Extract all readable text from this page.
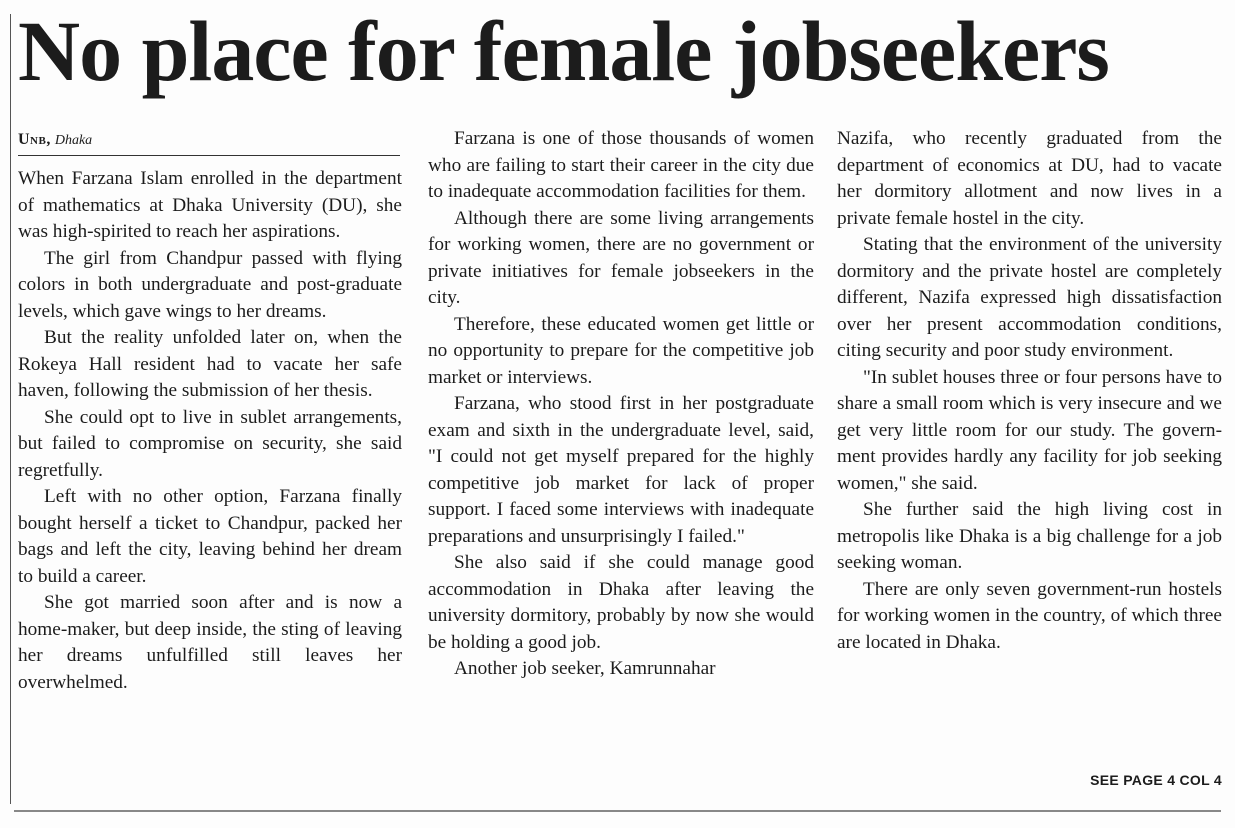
No place for female jobseekers
Unb, Dhaka

When Farzana Islam enrolled in the department of mathematics at Dhaka University (DU), she was high-spirited to reach her aspirations.

The girl from Chandpur passed with flying colors in both undergraduate and post-graduate levels, which gave wings to her dreams.

But the reality unfolded later on, when the Rokeya Hall resident had to vacate her safe haven, following the submission of her thesis.

She could opt to live in sublet arrangements, but failed to compromise on security, she said regretfully.

Left with no other option, Farzana finally bought herself a ticket to Chandpur, packed her bags and left the city, leaving behind her dream to build a career.

She got married soon after and is now a home-maker, but deep inside, the sting of leaving her dreams unfulfilled still leaves her overwhelmed.

Farzana is one of those thousands of women who are failing to start their career in the city due to inadequate accommodation facilities for them.

Although there are some living arrangements for working women, there are no government or private initiatives for female jobseekers in the city.

Therefore, these educated women get little or no opportunity to prepare for the competitive job market or interviews.

Farzana, who stood first in her postgraduate exam and sixth in the undergraduate level, said, "I could not get myself prepared for the highly competitive job market for lack of proper support. I faced some interviews with inadequate preparations and unsurprisingly I failed."

She also said if she could manage good accommodation in Dhaka after leaving the university dormitory, probably by now she would be holding a good job.

Another job seeker, Kamrunnahar

Nazifa, who recently graduated from the department of economics at DU, had to vacate her dormitory allotment and now lives in a private female hostel in the city.

Stating that the environment of the university dormitory and the private hostel are completely different, Nazifa expressed high dissatisfaction over her present accommodation conditions, citing security and poor study environment.

"In sublet houses three or four persons have to share a small room which is very insecure and we get very little room for our study. The government provides hardly any facility for job seeking women," she said.

She further said the high living cost in metropolis like Dhaka is a big challenge for a job seeking woman.

There are only seven government-run hostels for working women in the country, of which three are located in Dhaka.

SEE PAGE 4 COL 4
